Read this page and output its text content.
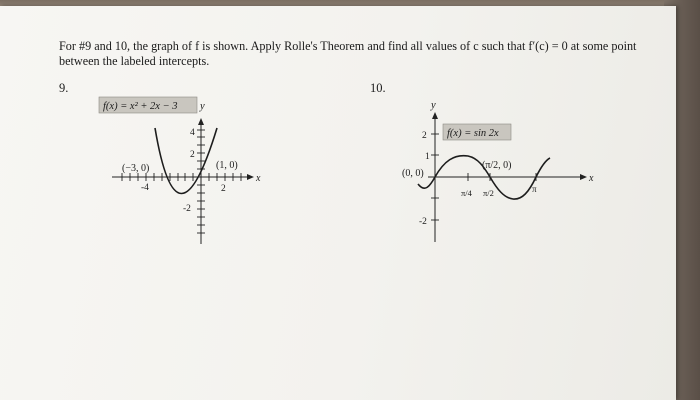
For #9 and 10, the graph of f is shown. Apply Rolle's Theorem and find all values of c such that f′(c) = 0 at some point between the labeled intercepts.

9.	10.
f(x) = x² + 2x − 3 y
x
4
2
-2
-4	2
(−3, 0)	(1, 0)
y
x
2
1
-2
π/4 π/2	π
f(x) = sin 2x
(0, 0)
(π/2, 0)
